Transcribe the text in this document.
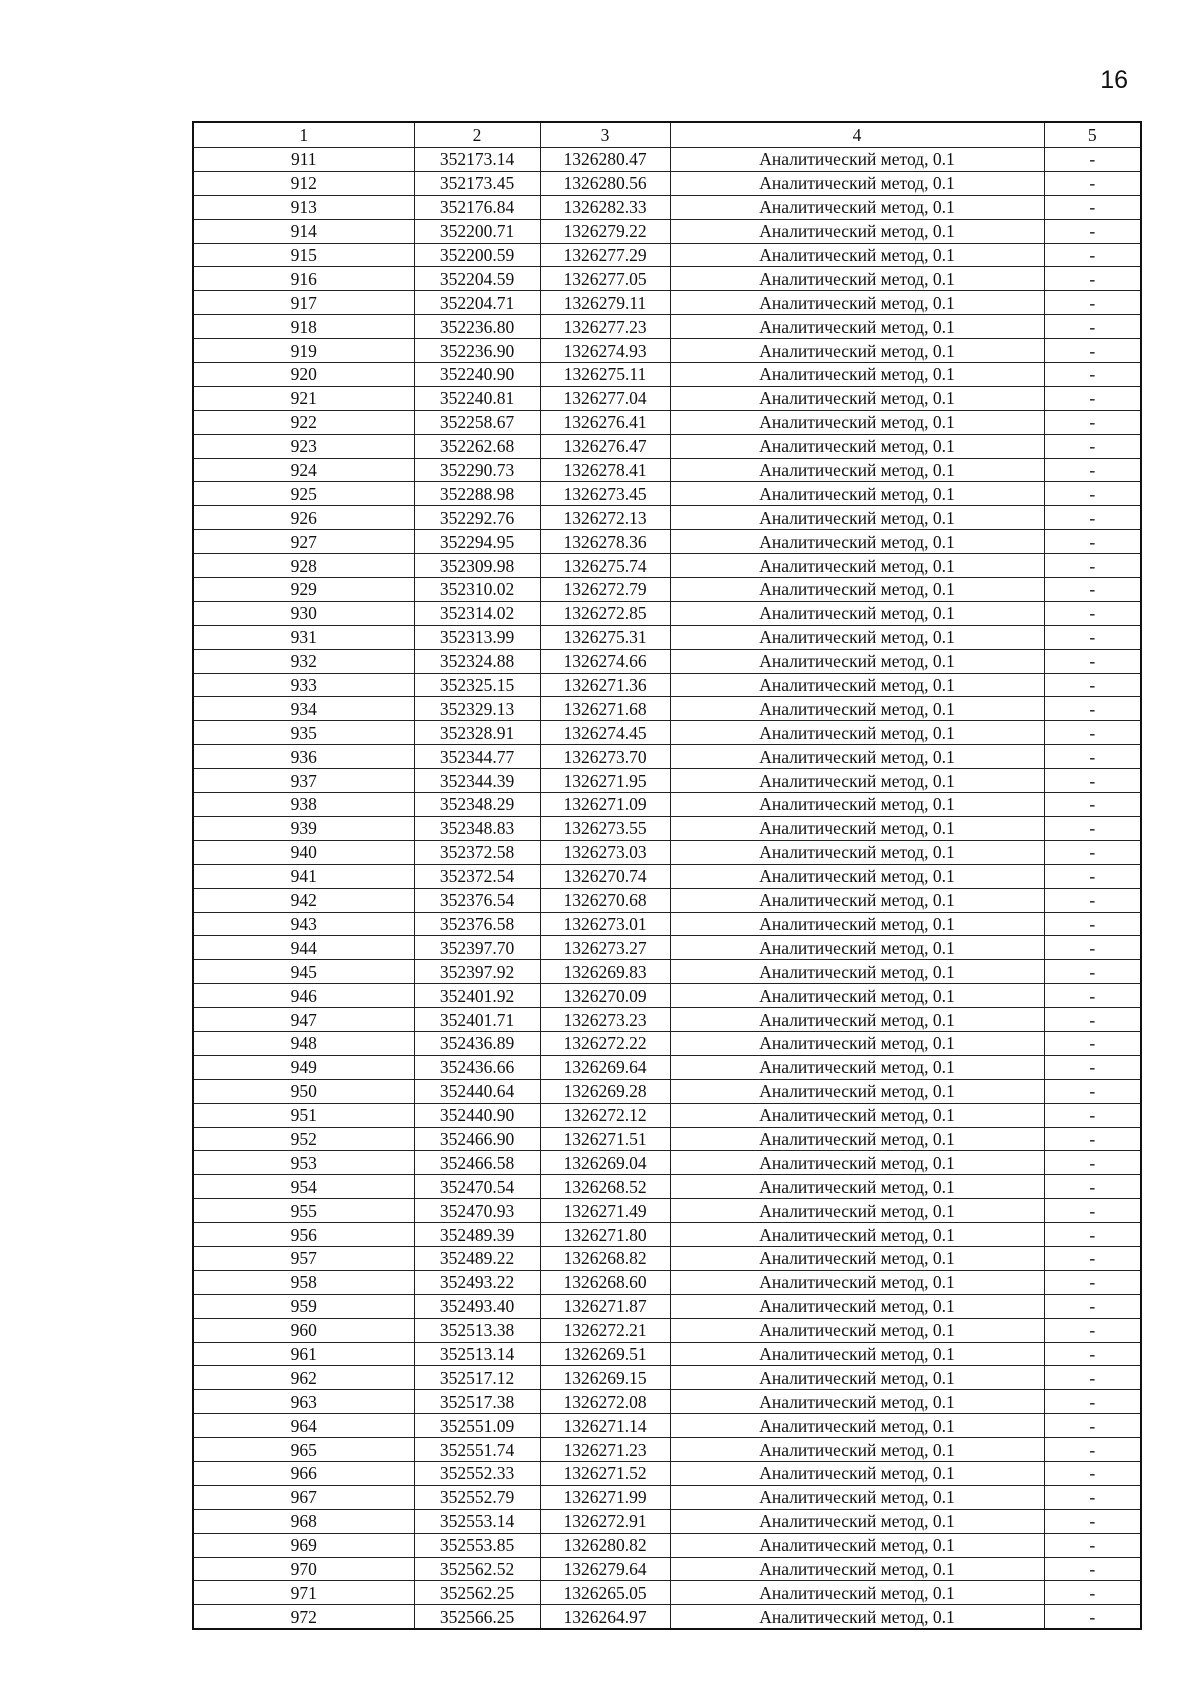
16
1	2	3	4	5
911	352173.14	1326280.47	Аналитический метод, 0.1	-
912	352173.45	1326280.56	Аналитический метод, 0.1	-
913	352176.84	1326282.33	Аналитический метод, 0.1	-
914	352200.71	1326279.22	Аналитический метод, 0.1	-
915	352200.59	1326277.29	Аналитический метод, 0.1	-
916	352204.59	1326277.05	Аналитический метод, 0.1	-
917	352204.71	1326279.11	Аналитический метод, 0.1	-
918	352236.80	1326277.23	Аналитический метод, 0.1	-
919	352236.90	1326274.93	Аналитический метод, 0.1	-
920	352240.90	1326275.11	Аналитический метод, 0.1	-
921	352240.81	1326277.04	Аналитический метод, 0.1	-
922	352258.67	1326276.41	Аналитический метод, 0.1	-
923	352262.68	1326276.47	Аналитический метод, 0.1	-
924	352290.73	1326278.41	Аналитический метод, 0.1	-
925	352288.98	1326273.45	Аналитический метод, 0.1	-
926	352292.76	1326272.13	Аналитический метод, 0.1	-
927	352294.95	1326278.36	Аналитический метод, 0.1	-
928	352309.98	1326275.74	Аналитический метод, 0.1	-
929	352310.02	1326272.79	Аналитический метод, 0.1	-
930	352314.02	1326272.85	Аналитический метод, 0.1	-
931	352313.99	1326275.31	Аналитический метод, 0.1	-
932	352324.88	1326274.66	Аналитический метод, 0.1	-
933	352325.15	1326271.36	Аналитический метод, 0.1	-
934	352329.13	1326271.68	Аналитический метод, 0.1	-
935	352328.91	1326274.45	Аналитический метод, 0.1	-
936	352344.77	1326273.70	Аналитический метод, 0.1	-
937	352344.39	1326271.95	Аналитический метод, 0.1	-
938	352348.29	1326271.09	Аналитический метод, 0.1	-
939	352348.83	1326273.55	Аналитический метод, 0.1	-
940	352372.58	1326273.03	Аналитический метод, 0.1	-
941	352372.54	1326270.74	Аналитический метод, 0.1	-
942	352376.54	1326270.68	Аналитический метод, 0.1	-
943	352376.58	1326273.01	Аналитический метод, 0.1	-
944	352397.70	1326273.27	Аналитический метод, 0.1	-
945	352397.92	1326269.83	Аналитический метод, 0.1	-
946	352401.92	1326270.09	Аналитический метод, 0.1	-
947	352401.71	1326273.23	Аналитический метод, 0.1	-
948	352436.89	1326272.22	Аналитический метод, 0.1	-
949	352436.66	1326269.64	Аналитический метод, 0.1	-
950	352440.64	1326269.28	Аналитический метод, 0.1	-
951	352440.90	1326272.12	Аналитический метод, 0.1	-
952	352466.90	1326271.51	Аналитический метод, 0.1	-
953	352466.58	1326269.04	Аналитический метод, 0.1	-
954	352470.54	1326268.52	Аналитический метод, 0.1	-
955	352470.93	1326271.49	Аналитический метод, 0.1	-
956	352489.39	1326271.80	Аналитический метод, 0.1	-
957	352489.22	1326268.82	Аналитический метод, 0.1	-
958	352493.22	1326268.60	Аналитический метод, 0.1	-
959	352493.40	1326271.87	Аналитический метод, 0.1	-
960	352513.38	1326272.21	Аналитический метод, 0.1	-
961	352513.14	1326269.51	Аналитический метод, 0.1	-
962	352517.12	1326269.15	Аналитический метод, 0.1	-
963	352517.38	1326272.08	Аналитический метод, 0.1	-
964	352551.09	1326271.14	Аналитический метод, 0.1	-
965	352551.74	1326271.23	Аналитический метод, 0.1	-
966	352552.33	1326271.52	Аналитический метод, 0.1	-
967	352552.79	1326271.99	Аналитический метод, 0.1	-
968	352553.14	1326272.91	Аналитический метод, 0.1	-
969	352553.85	1326280.82	Аналитический метод, 0.1	-
970	352562.52	1326279.64	Аналитический метод, 0.1	-
971	352562.25	1326265.05	Аналитический метод, 0.1	-
972	352566.25	1326264.97	Аналитический метод, 0.1	-
